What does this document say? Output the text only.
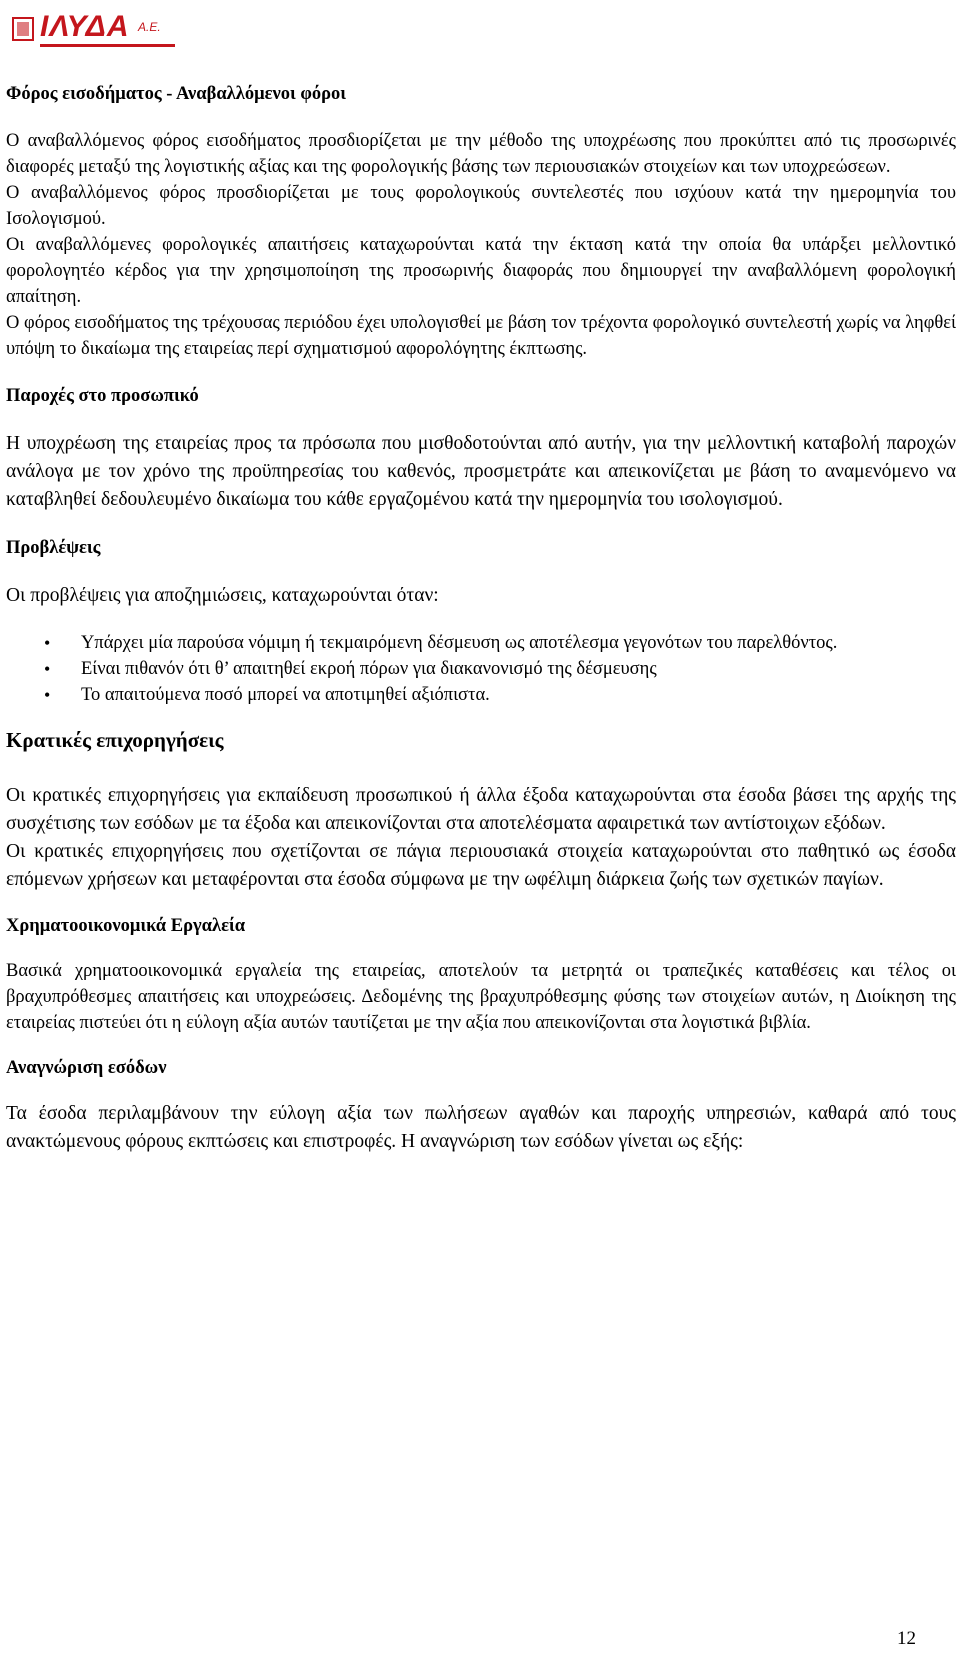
ΙΛΥΔΑ Α.Ε.
Φόρος εισοδήματος - Αναβαλλόμενοι φόροι

Ο αναβαλλόμενος φόρος εισοδήματος προσδιορίζεται με την μέθοδο της υποχρέωσης που προκύπτει από τις προσωρινές διαφορές μεταξύ της λογιστικής αξίας και της φορολογικής βάσης των περιουσιακών στοιχείων και των υποχρεώσεων.

Ο αναβαλλόμενος φόρος προσδιορίζεται με τους φορολογικούς συντελεστές που ισχύουν κατά την ημερομηνία του Ισολογισμού.

Οι αναβαλλόμενες φορολογικές απαιτήσεις καταχωρούνται κατά την έκταση κατά την οποία θα υπάρξει μελλοντικό φορολογητέο κέρδος για την χρησιμοποίηση της προσωρινής διαφοράς που δημιουργεί την αναβαλλόμενη φορολογική απαίτηση.

Ο φόρος εισοδήματος της τρέχουσας περιόδου έχει υπολογισθεί με βάση τον τρέχοντα φορολογικό συντελεστή χωρίς να ληφθεί υπόψη το δικαίωμα της εταιρείας περί σχηματισμού αφορολόγητης έκπτωσης.

Παροχές στο προσωπικό

Η υποχρέωση της εταιρείας προς τα πρόσωπα που μισθοδοτούνται από αυτήν, για την μελλοντική καταβολή παροχών ανάλογα με τον χρόνο της προϋπηρεσίας του καθενός, προσμετράτε και απεικονίζεται με βάση το αναμενόμενο να καταβληθεί δεδουλευμένο δικαίωμα του κάθε εργαζομένου κατά την ημερομηνία του ισολογισμού.

Προβλέψεις

Οι προβλέψεις για αποζημιώσεις, καταχωρούνται όταν:

• Υπάρχει μία παρούσα νόμιμη ή τεκμαιρόμενη δέσμευση ως αποτέλεσμα γεγονότων του παρελθόντος.
• Είναι πιθανόν ότι θ’ απαιτηθεί εκροή πόρων για διακανονισμό της δέσμευσης
• Το απαιτούμενα ποσό μπορεί να αποτιμηθεί αξιόπιστα.
Κρατικές επιχορηγήσεις

Οι κρατικές επιχορηγήσεις για εκπαίδευση προσωπικού ή άλλα έξοδα καταχωρούνται στα έσοδα βάσει της αρχής της συσχέτισης των εσόδων με τα έξοδα και απεικονίζονται στα αποτελέσματα αφαιρετικά των αντίστοιχων εξόδων.

Οι κρατικές επιχορηγήσεις που σχετίζονται σε πάγια περιουσιακά στοιχεία καταχωρούνται στο παθητικό ως έσοδα επόμενων χρήσεων και μεταφέρονται στα έσοδα σύμφωνα με την ωφέλιμη διάρκεια ζωής των σχετικών παγίων.

Χρηματοοικονομικά Εργαλεία

Βασικά χρηματοοικονομικά εργαλεία της εταιρείας, αποτελούν τα μετρητά οι τραπεζικές καταθέσεις και τέλος οι βραχυπρόθεσμες απαιτήσεις και υποχρεώσεις. Δεδομένης της βραχυπρόθεσμης φύσης των στοιχείων αυτών, η Διοίκηση της εταιρείας πιστεύει ότι η εύλογη αξία αυτών ταυτίζεται με την αξία που απεικονίζονται στα λογιστικά βιβλία.

Αναγνώριση εσόδων

Τα έσοδα περιλαμβάνουν την εύλογη αξία των πωλήσεων αγαθών και παροχής υπηρεσιών, καθαρά από τους ανακτώμενους φόρους εκπτώσεις και επιστροφές. Η αναγνώριση των εσόδων γίνεται ως εξής:

12
